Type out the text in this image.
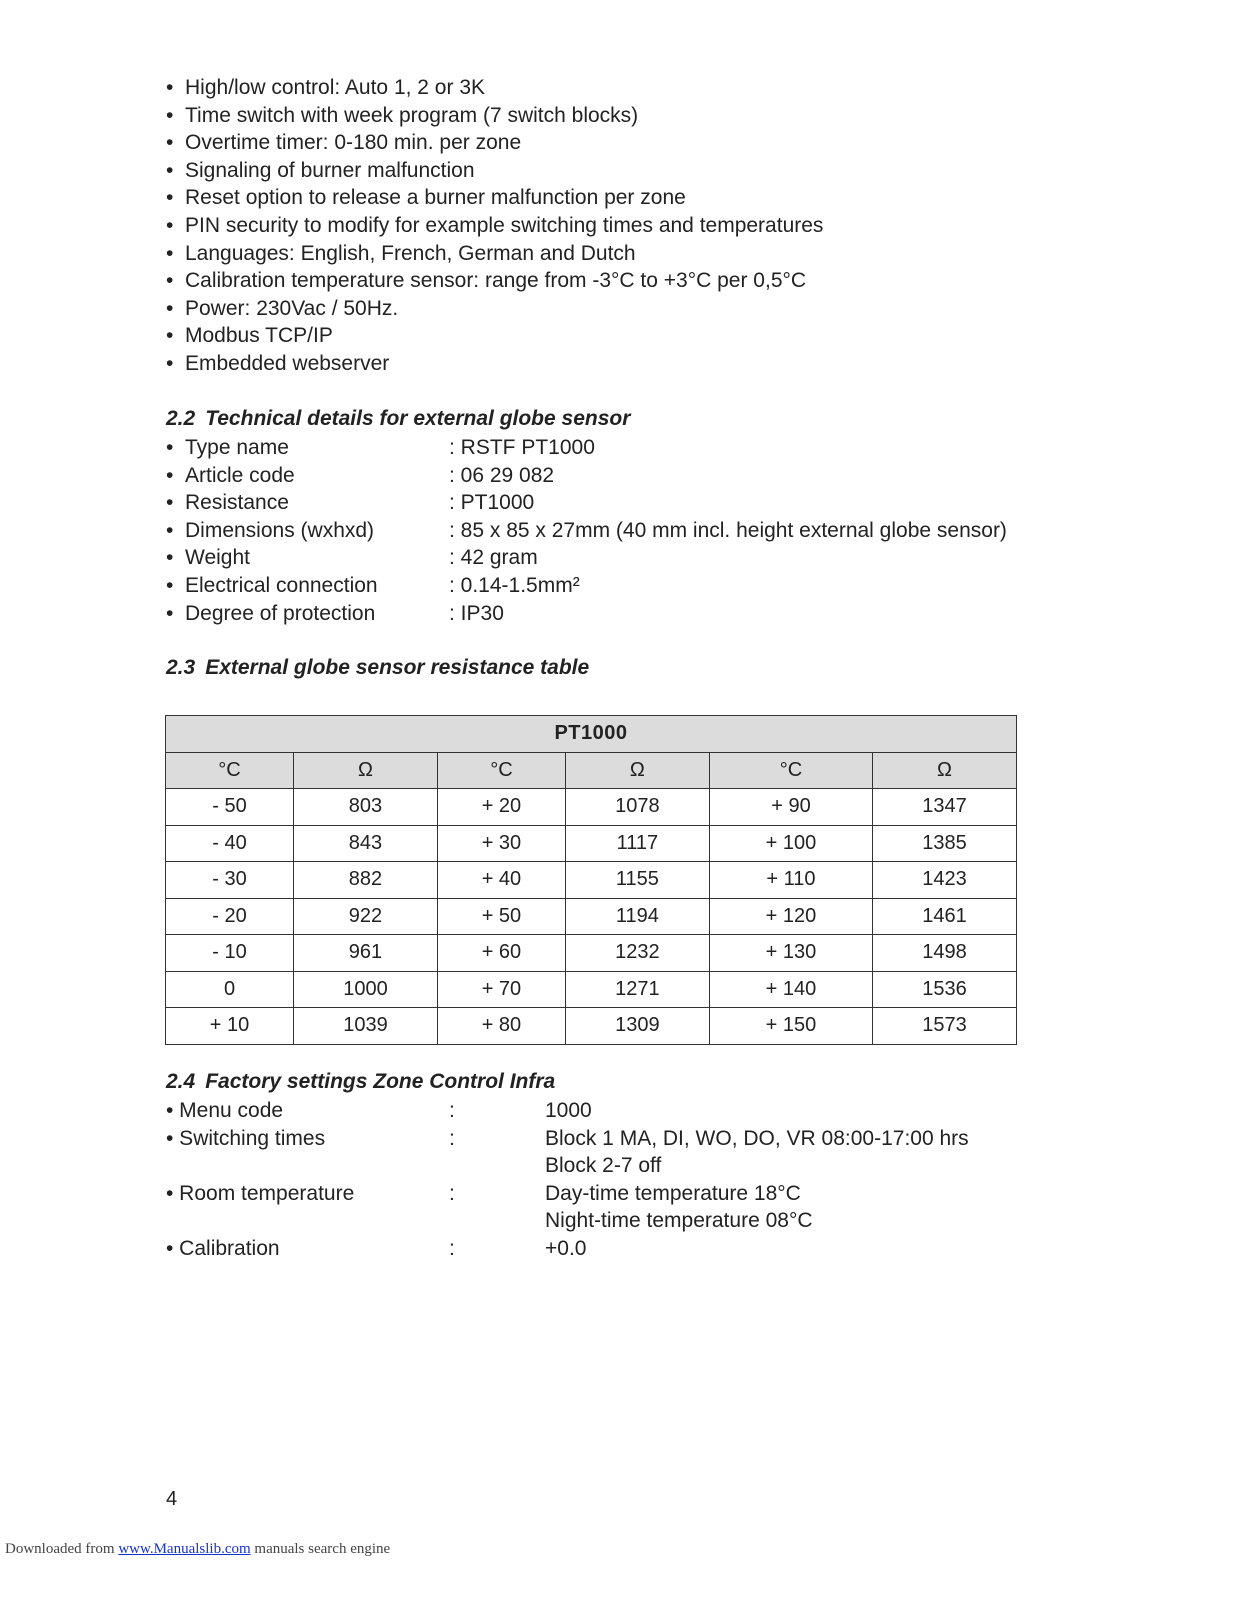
• High/low control: Auto 1, 2 or 3K
• Time switch with week program (7 switch blocks)
• Overtime timer: 0-180 min. per zone
• Signaling of burner malfunction
• Reset option to release a burner malfunction per zone
• PIN security to modify for example switching times and temperatures
• Languages: English, French, German and Dutch
• Calibration temperature sensor: range from -3°C to +3°C per 0,5°C
• Power: 230Vac / 50Hz.
• Modbus TCP/IP
• Embedded webserver
2.2 Technical details for external globe sensor
• Type name	: RSTF PT1000
• Article code	: 06 29 082
• Resistance	: PT1000
• Dimensions (wxhxd)	: 85 x 85 x 27mm (40 mm incl. height external globe sensor)
• Weight	: 42 gram
• Electrical connection	: 0.14-1.5mm²
• Degree of protection	: IP30
2.3 External globe sensor resistance table
PT1000					
°C	Ω	°C	Ω	°C	Ω
- 50	803	+ 20	1078	+ 90	1347
- 40	843	+ 30	1117	+ 100	1385
- 30	882	+ 40	1155	+ 110	1423
- 20	922	+ 50	1194	+ 120	1461
- 10	961	+ 60	1232	+ 130	1498
0	1000	+ 70	1271	+ 140	1536
+ 10	1039	+ 80	1309	+ 150	1573
2.4 Factory settings Zone Control Infra
• Menu code	:	1000
• Switching times	:	Block 1 MA, DI, WO, DO, VR 08:00-17:00 hrs
Block 2-7 off
• Room temperature	:	Day-time temperature 18°C
Night-time temperature 08°C
• Calibration	:	+0.0
4
Downloaded from www.Manualslib.com manuals search engine
